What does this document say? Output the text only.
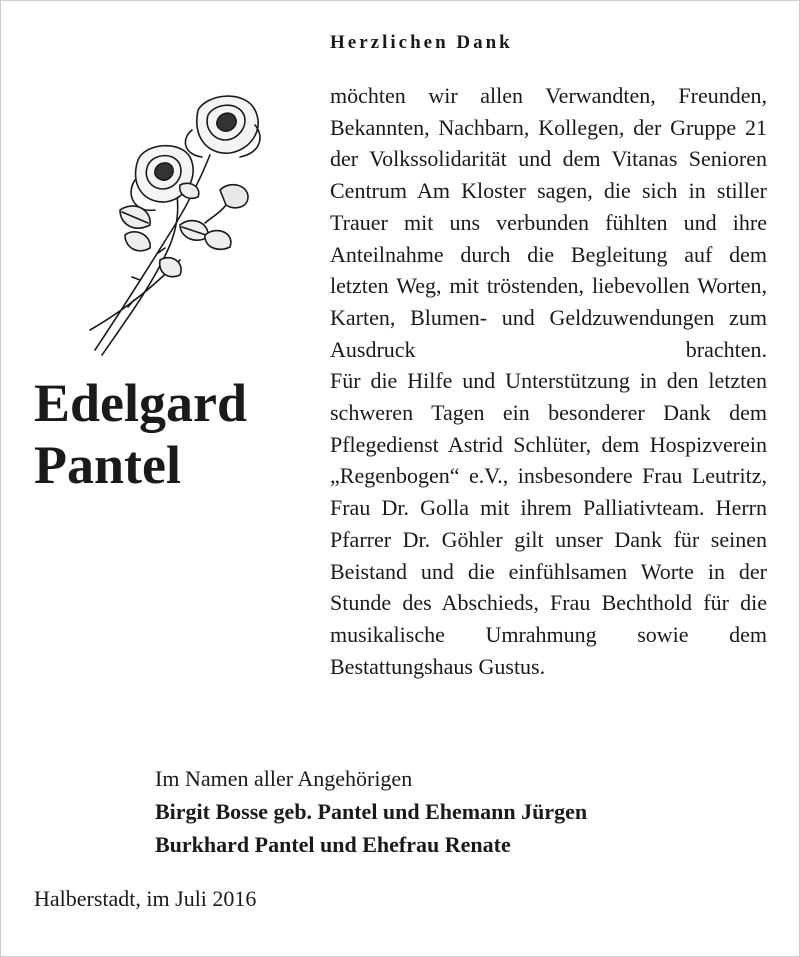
Herzlichen Dank
Edelgard
Pantel

möchten wir allen Verwandten, Freunden, Bekannten, Nachbarn, Kollegen, der Gruppe 21 der Volkssolidarität und dem Vitanas Senioren Centrum Am Kloster sagen, die sich in stiller Trauer mit uns verbunden fühlten und ihre Anteilnahme durch die Begleitung auf dem letzten Weg, mit tröstenden, liebevollen Worten, Karten, Blumen- und Geldzuwendungen zum Ausdruck brachten.

Für die Hilfe und Unterstützung in den letzten schweren Tagen ein besonderer Dank dem Pflegedienst Astrid Schlüter, dem Hospizverein „Regenbogen“ e.V., insbesondere Frau Leutritz, Frau Dr. Golla mit ihrem Palliativteam. Herrn Pfarrer Dr. Göhler gilt unser Dank für seinen Beistand und die einfühlsamen Worte in der Stunde des Abschieds, Frau Bechthold für die musikalische Umrahmung sowie dem Bestattungshaus Gustus.

Im Namen aller Angehörigen
Birgit Bosse geb. Pantel und Ehemann Jürgen
Burkhard Pantel und Ehefrau Renate
Halberstadt, im Juli 2016
